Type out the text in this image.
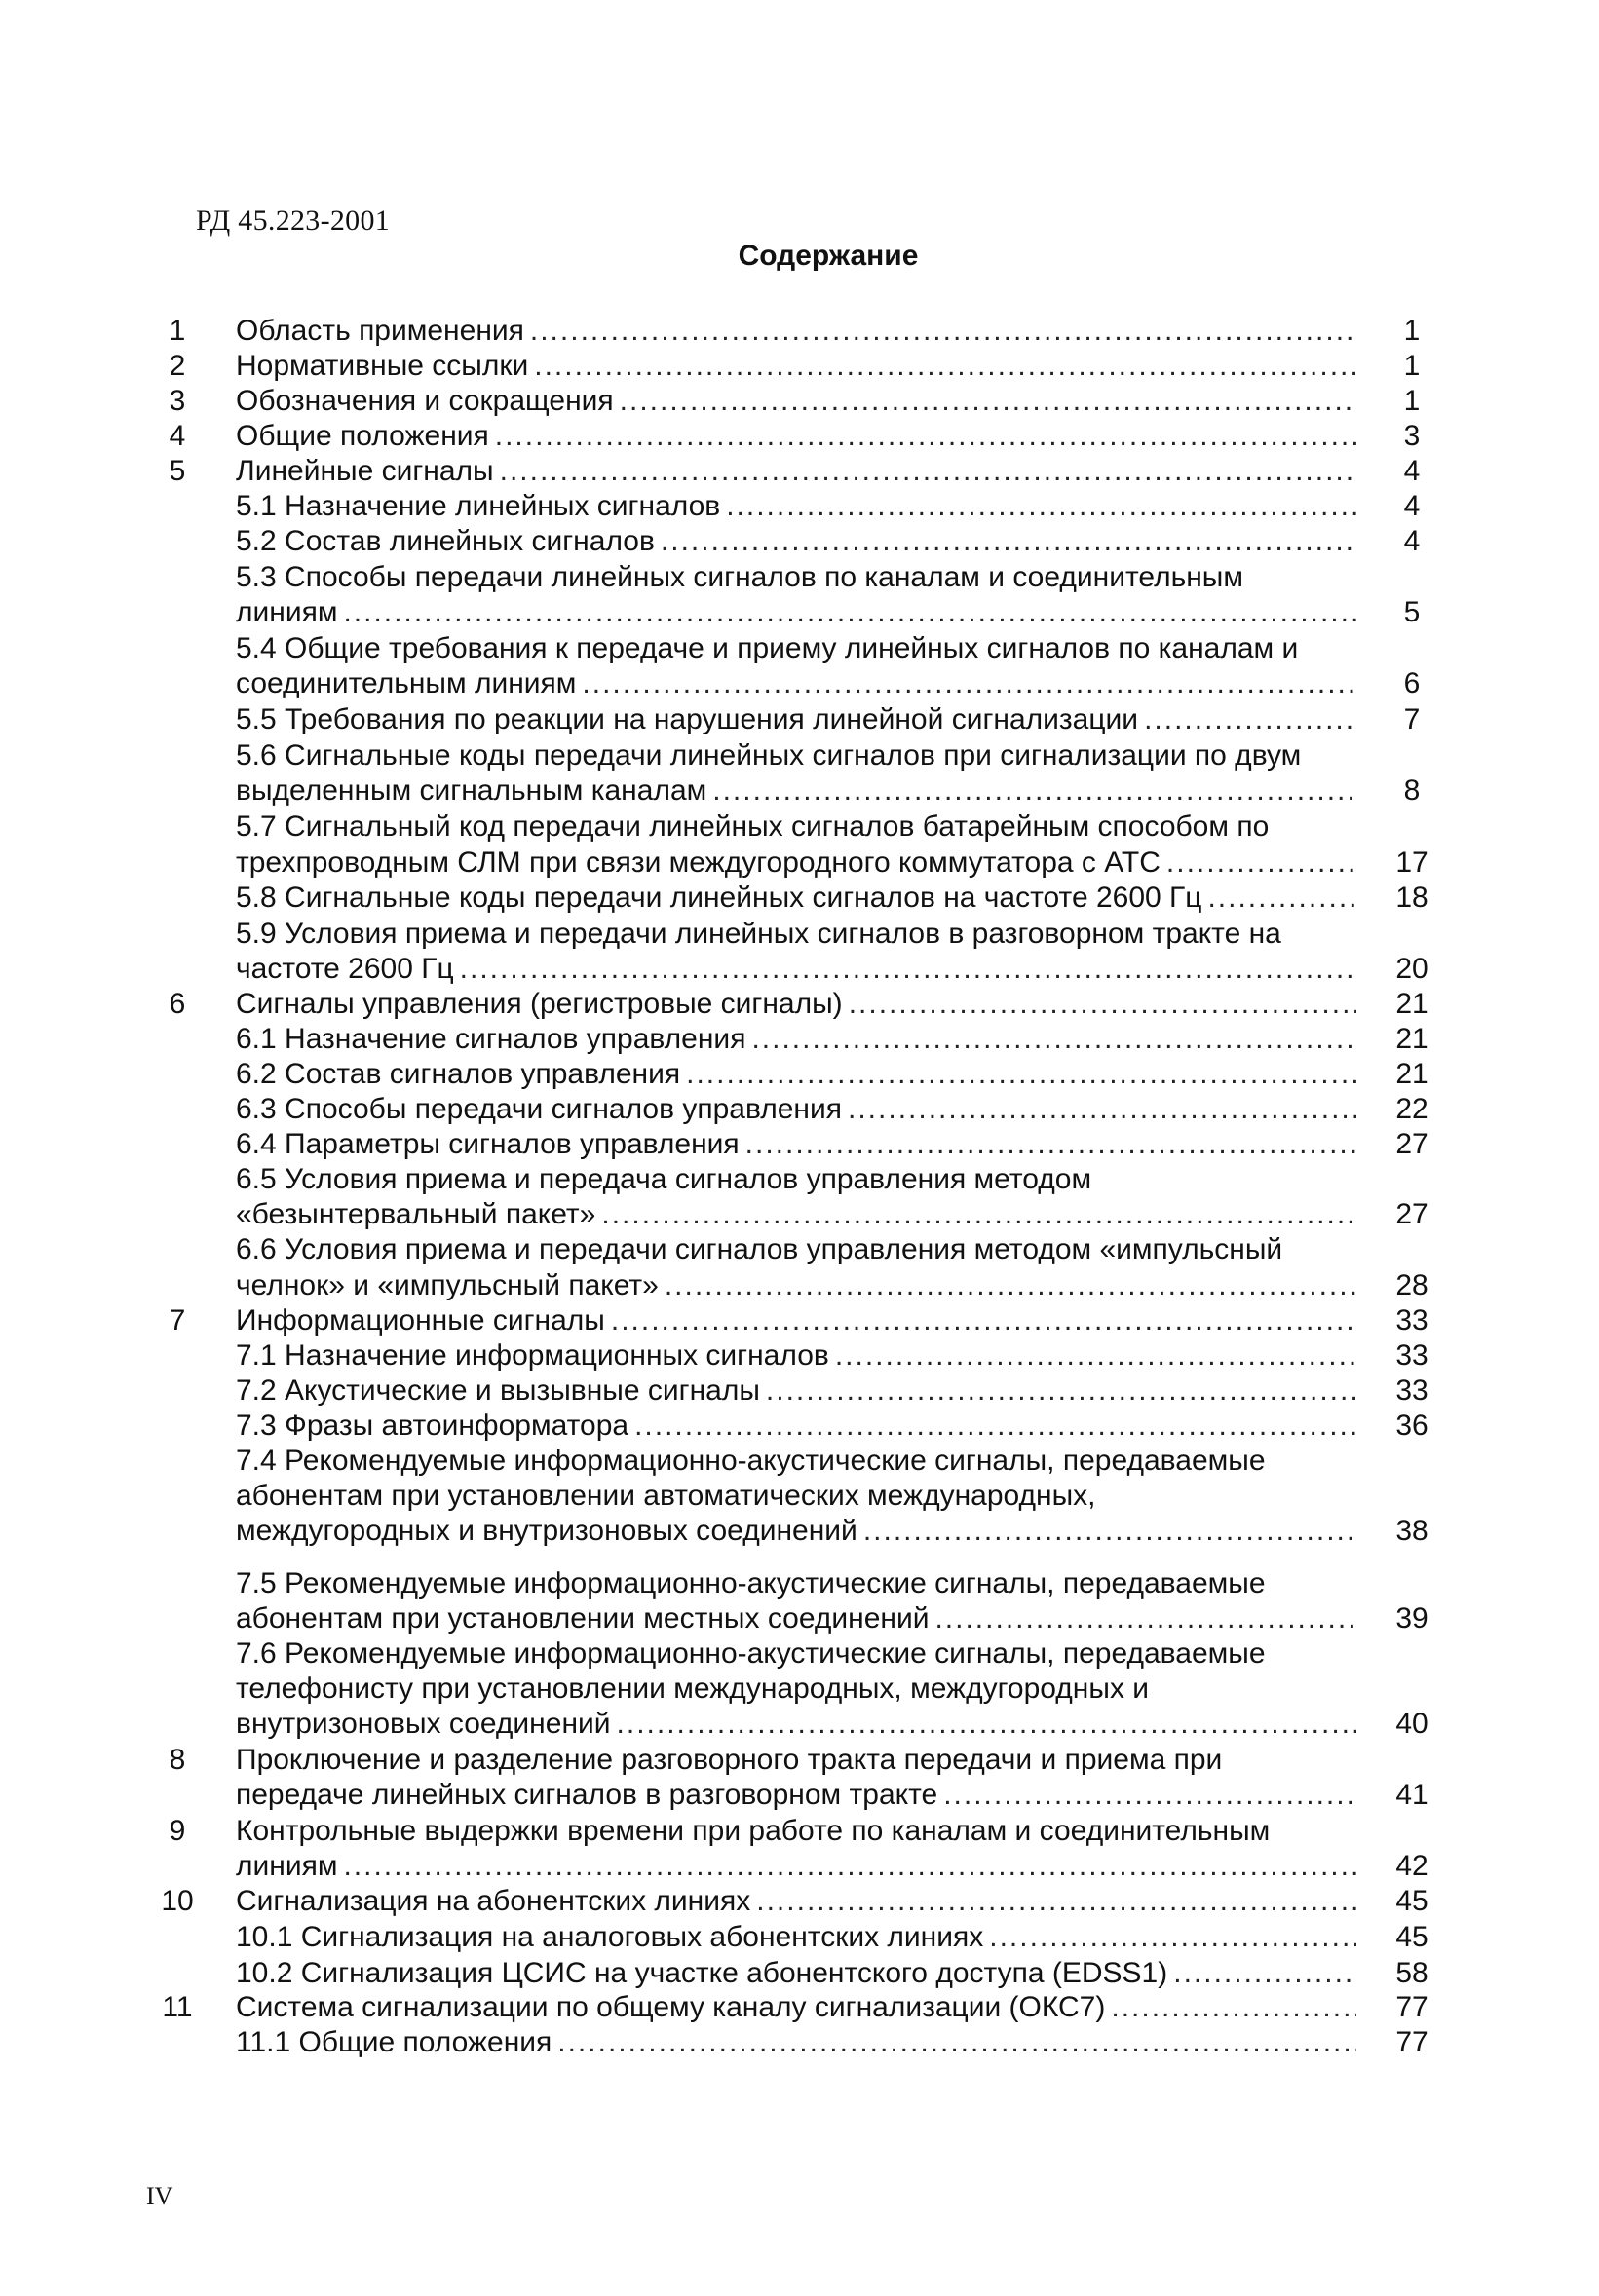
РД 45.223-2001
Содержание
1	Область применения .....	1
2	Нормативные ссылки .....	1
3	Обозначения и сокращения .....	1
4	Общие положения .....	3
5	Линейные сигналы .....	4
5.1 Назначение линейных сигналов .....	4
5.2 Состав линейных сигналов .....	4
5.3 Способы передачи линейных сигналов по каналам и соединительным
линиям .....	5
5.4 Общие требования к передаче и приему линейных сигналов по каналам и
соединительным линиям .....	6
5.5 Требования по реакции на нарушения линейной сигнализации .....	7
5.6 Сигнальные коды передачи линейных сигналов при сигнализации по двум
выделенным сигнальным каналам .....	8
5.7 Сигнальный код передачи линейных сигналов батарейным способом по
трехпроводным СЛМ при связи междугородного коммутатора с АТС .....	17
5.8 Сигнальные коды передачи линейных сигналов на частоте 2600 Гц .....	18
5.9 Условия приема и передачи линейных сигналов в разговорном тракте на
частоте 2600 Гц .....	20
6	Сигналы управления (регистровые сигналы) .....	21
6.1 Назначение сигналов управления .....	21
6.2 Состав сигналов управления .....	21
6.3 Способы передачи сигналов управления .....	22
6.4 Параметры сигналов управления .....	27
6.5 Условия приема и передача сигналов управления методом
«безынтервальный пакет» .....	27
6.6 Условия приема и передачи сигналов управления методом «импульсный
челнок» и «импульсный пакет» .....	28
7	Информационные сигналы .....	33
7.1 Назначение информационных сигналов .....	33
7.2 Акустические и вызывные сигналы .....	33
7.3 Фразы автоинформатора .....	36
7.4 Рекомендуемые информационно-акустические сигналы, передаваемые
абонентам при установлении автоматических международных,
междугородных и внутризоновых соединений .....	38
7.5 Рекомендуемые информационно-акустические сигналы, передаваемые
абонентам при установлении местных соединений .....	39
7.6 Рекомендуемые информационно-акустические сигналы, передаваемые
телефонисту при установлении международных, междугородных и
внутризоновых соединений .....	40
8	Проключение и разделение разговорного тракта передачи и приема при
передаче линейных сигналов в разговорном тракте .....	41
9	Контрольные выдержки времени при работе по каналам и соединительным
линиям .....	42
10	Сигнализация на абонентских линиях .....	45
10.1 Сигнализация на аналоговых абонентских линиях .....	45
10.2 Сигнализация ЦСИС на участке абонентского доступа (EDSS1) .....	58
11	Система сигнализации по общему каналу сигнализации (ОКС7) .....	77
11.1 Общие положения .....	77
IV
